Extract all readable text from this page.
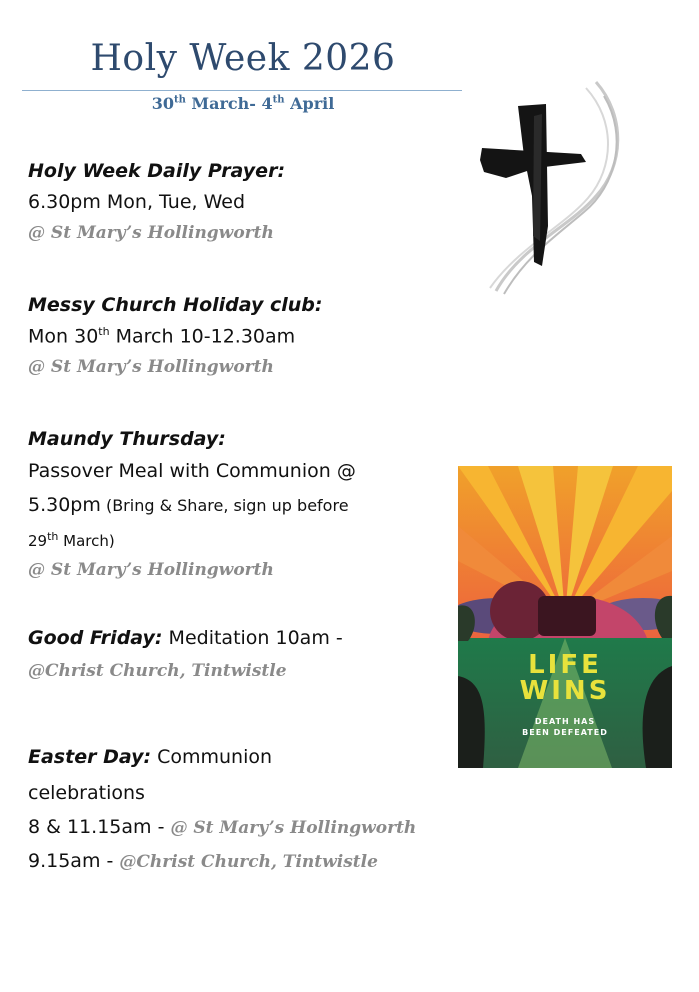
Holy Week 2026
30th March- 4th April
Holy Week Daily Prayer:
6.30pm Mon, Tue, Wed
@ St Mary’s Hollingworth
Messy Church Holiday club:
Mon 30th March 10-12.30am
@ St Mary’s Hollingworth
Maundy Thursday:
Passover Meal with Communion @
5.30pm (Bring & Share, sign up before
29th March)
@ St Mary’s Hollingworth
Good Friday: Meditation 10am -
@Christ Church, Tintwistle
Easter Day: Communion
celebrations
8 & 11.15am - @ St Mary’s Hollingworth
9.15am - @Christ Church, Tintwistle
LIFE
WINS
DEATH HAS
BEEN DEFEATED
